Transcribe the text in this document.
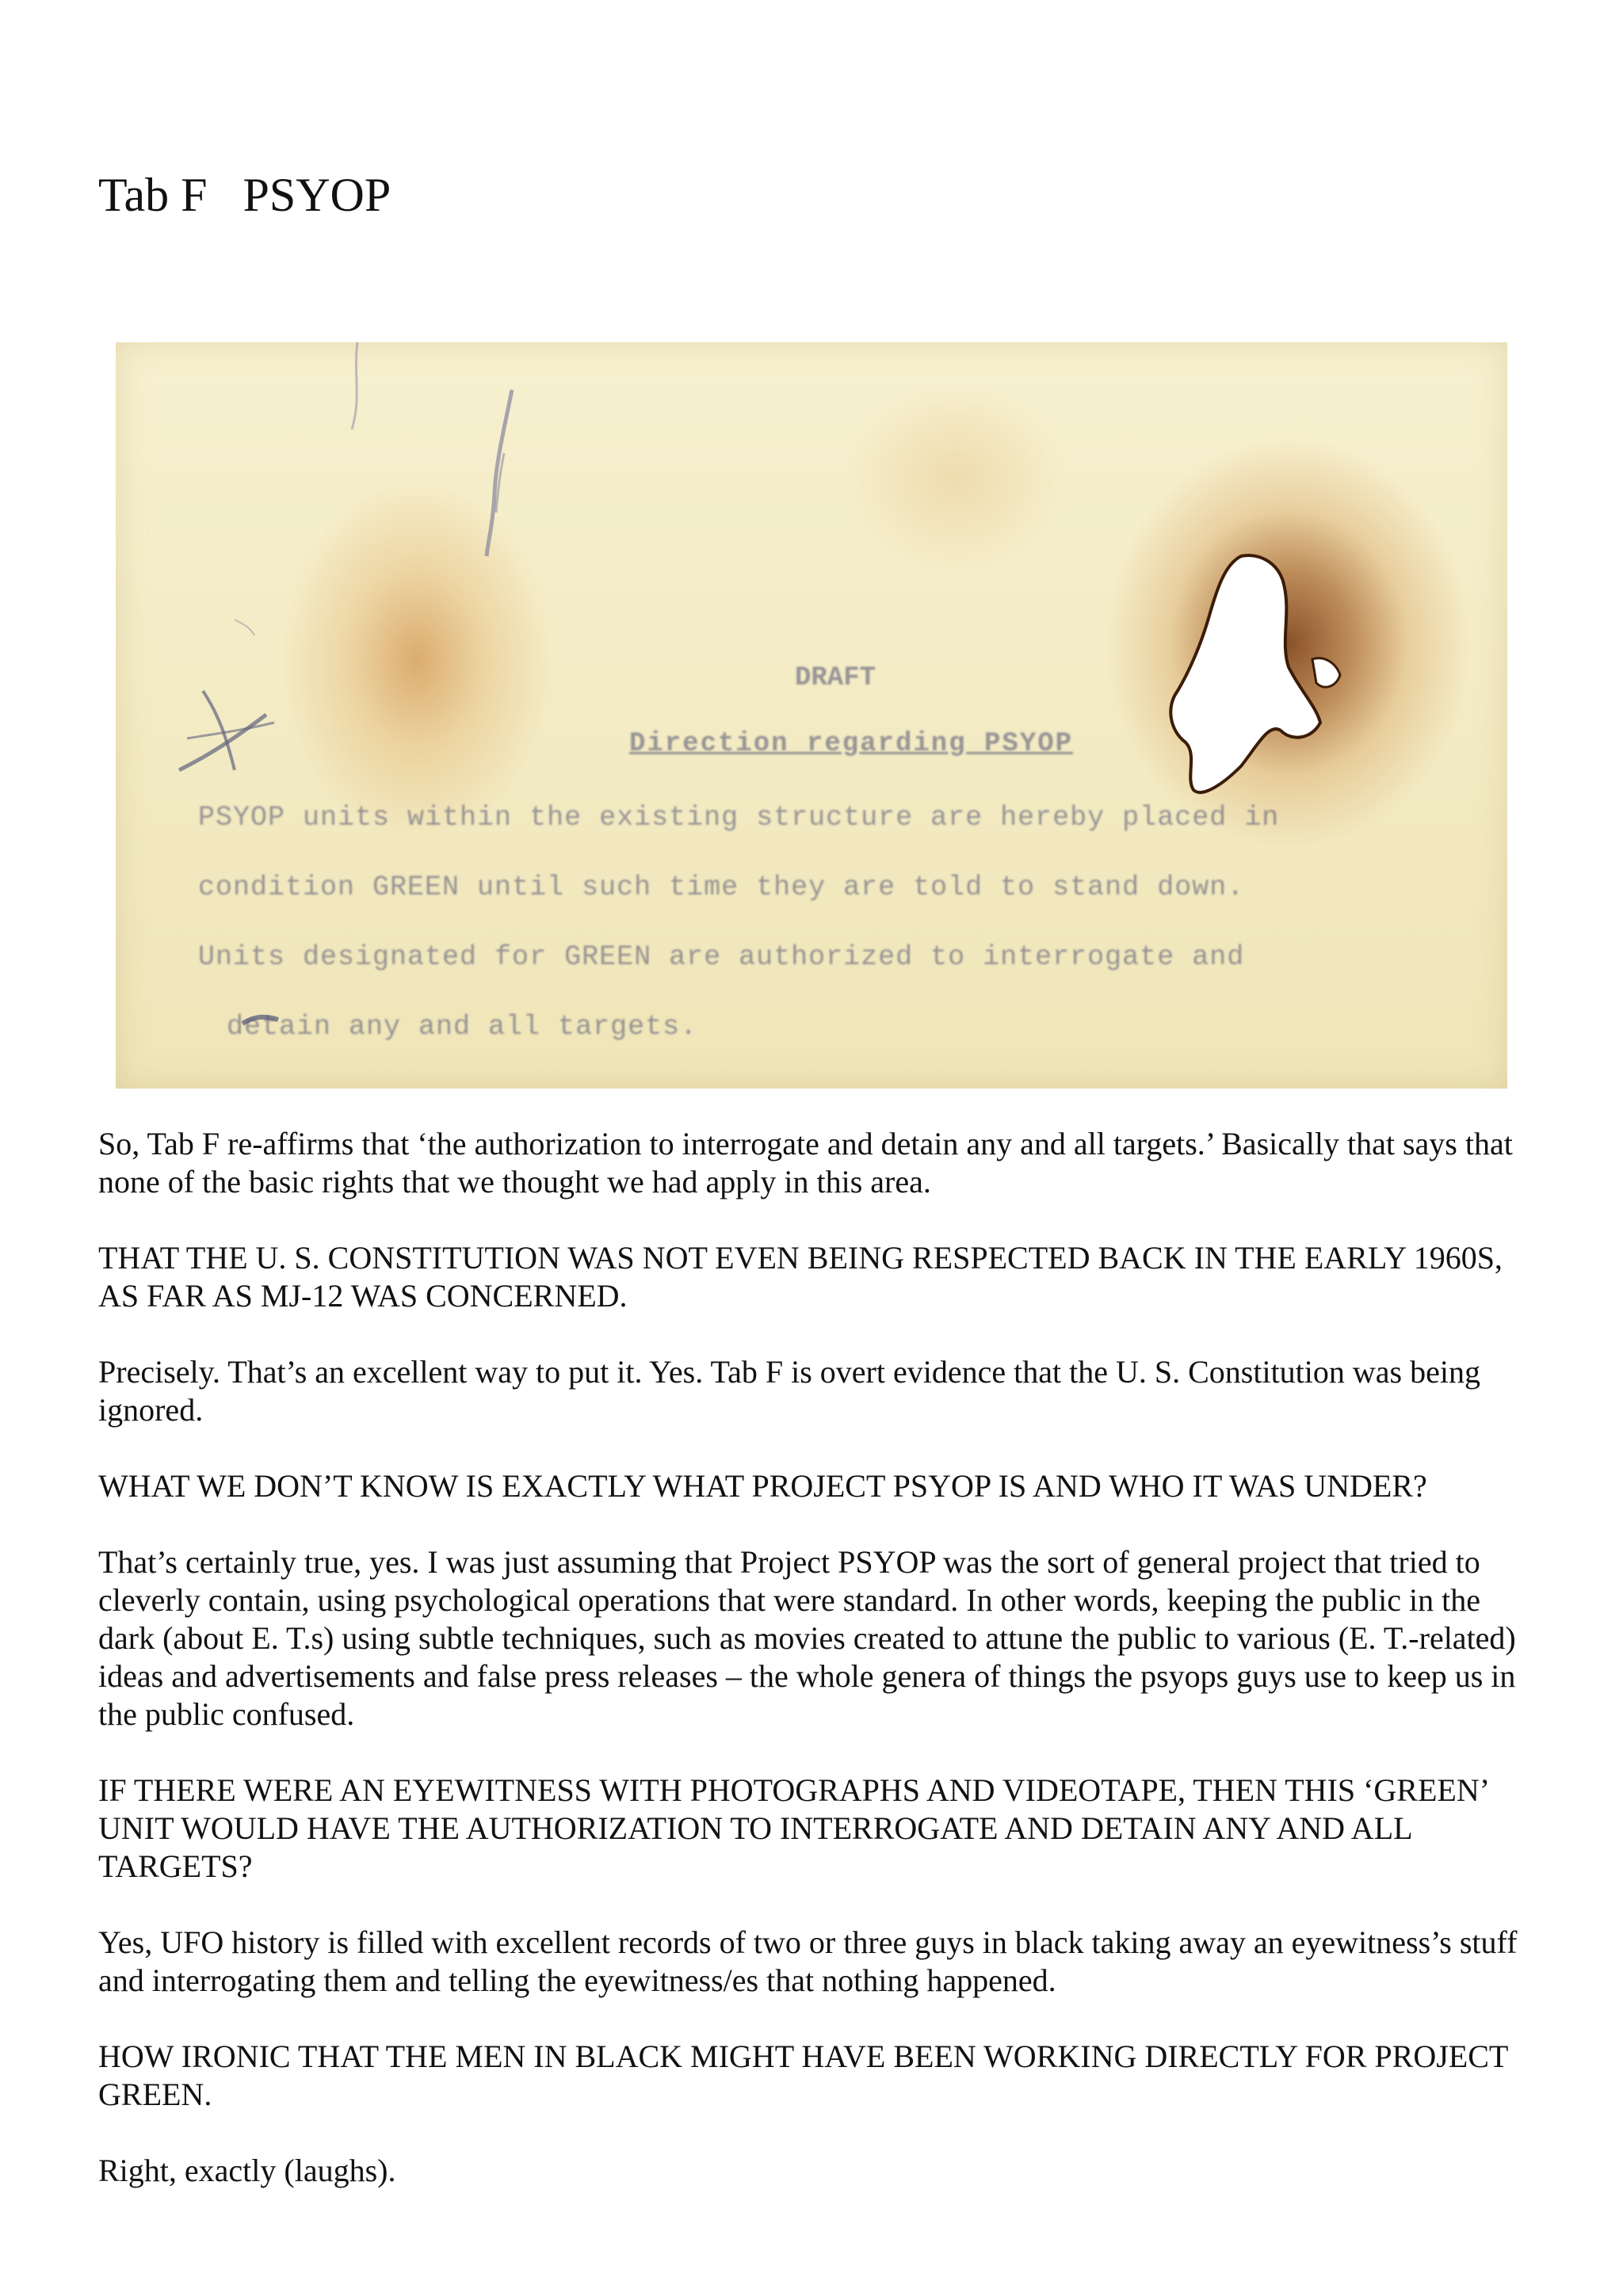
Tab F   PSYOP
DRAFT
Direction regarding PSYOP
PSYOP units within the existing structure are hereby placed in
condition GREEN until such time they are told to stand down.
Units designated for GREEN are authorized to interrogate and
detain any and all targets.

So, Tab F re-affirms that ‘the authorization to interrogate and detain any and all targets.’ Basically that says that none of the basic rights that we thought we had apply in this area.

THAT THE U. S. CONSTITUTION WAS NOT EVEN BEING RESPECTED BACK IN THE EARLY 1960S, AS FAR AS MJ-12 WAS CONCERNED.

Precisely. That’s an excellent way to put it. Yes. Tab F is overt evidence that the U. S. Constitution was being ignored.

WHAT WE DON’T KNOW IS EXACTLY WHAT PROJECT PSYOP IS AND WHO IT WAS UNDER?

That’s certainly true, yes. I was just assuming that Project PSYOP was the sort of general project that tried to cleverly contain, using psychological operations that were standard. In other words, keeping the public in the dark (about E. T.s) using subtle techniques, such as movies created to attune the public to various (E. T.-related) ideas and advertisements and false press releases – the whole genera of things the psyops guys use to keep us in the public confused.

IF THERE WERE AN EYEWITNESS WITH PHOTOGRAPHS AND VIDEOTAPE, THEN THIS ‘GREEN’ UNIT WOULD HAVE THE AUTHORIZATION TO INTERROGATE AND DETAIN ANY AND ALL TARGETS?

Yes, UFO history is filled with excellent records of two or three guys in black taking away an eyewitness’s stuff and interrogating them and telling the eyewitness/es that nothing happened.

HOW IRONIC THAT THE MEN IN BLACK MIGHT HAVE BEEN WORKING DIRECTLY FOR PROJECT GREEN.

Right, exactly (laughs).
